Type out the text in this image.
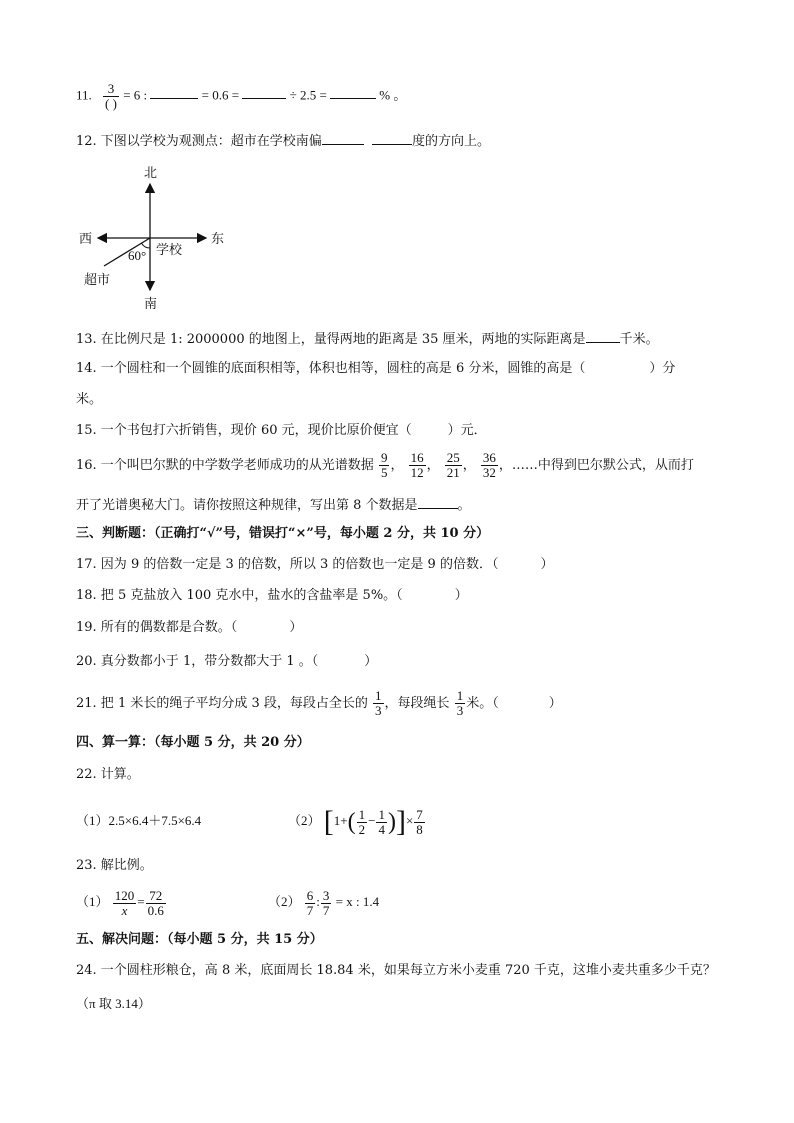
11. $\frac{3}{( )} = 6$ :	= 0.6 =	÷ 2.5 =	% 。
12. 下图以学校为观测点：超市在学校南偏	度的方向上。
北
南
东
西
学校
60°
超市
13. 在比例尺是 1: 2000000 的地图上，量得两地的距离是 35 厘米，两地的实际距离是	千米。
14. 一个圆柱和一个圆锥的底面积相等，体积也相等，圆柱的高是 6 分米，圆锥的高是（	）分
米。
15. 一个书包打六折销售，现价 60 元，现价比原价便宜（	）元．
16. 一个叫巴尔默的中学数学老师成功的从光谱数据 $\frac{9}{5}$ ， $\frac{16}{12}$ ， $\frac{25}{21}$ ， $\frac{36}{32}$ ，……中得到巴尔默公式，从而打
开了光谱奥秘大门。请你按照这种规律，写出第 8 个数据是	。
三、判断题：（正确打“√”号，错误打“×”号，每小题 2 分，共 10 分）
17. 因为 9 的倍数一定是 3 的倍数，所以 3 的倍数也一定是 9 的倍数．（	）
18. 把 5 克盐放入 100 克水中，盐水的含盐率是 5%。（	）
19. 所有的偶数都是合数。（	）
20. 真分数都小于 1，带分数都大于 1 。（	）
21. 把 1 米长的绳子平均分成 3 段，每段占全长的 $\frac{1}{3}$ ，每段绳长 $\frac{1}{3}$ 米。（	）
四、算一算：（每小题 5 分，共 20 分）
22. 计算。
（1）2.5×6.4＋7.5×6.4	（2） [$1+( \frac{1}{2} - \frac{1}{4}$ )]× $\frac{7}{8}$
23. 解比例。
$(1) \frac{120}{x} = \frac{72}{0.6}$	$(2) \frac{6}{7}$ : $\frac{3}{7} = x$ : 1.4
五、解决问题：（每小题 5 分，共 15 分）
24. 一个圆柱形粮仓，高 8 米，底面周长 18.84 米，如果每立方米小麦重 720 千克，这堆小麦共重多少千克？
（π 取 3.14）
